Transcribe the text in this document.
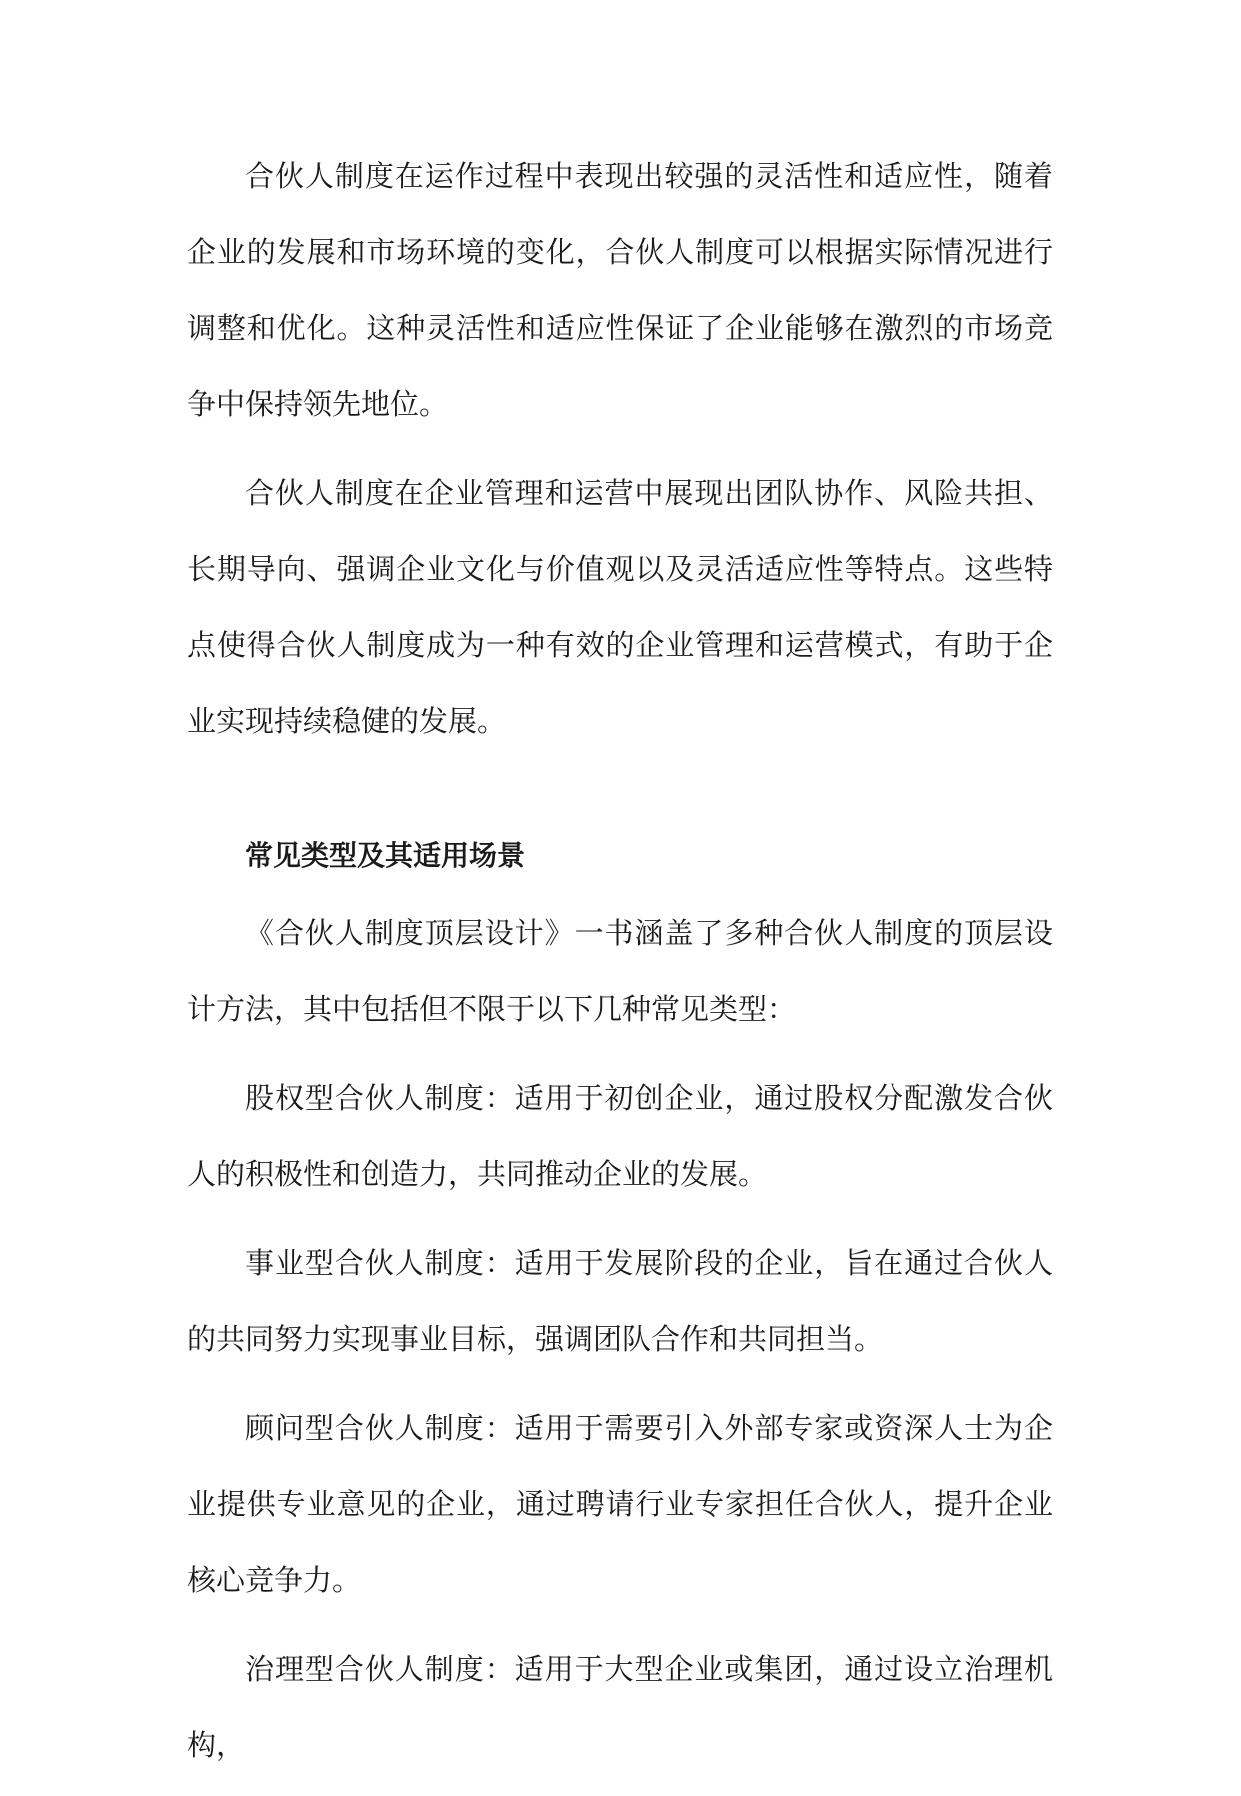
合伙人制度在运作过程中表现出较强的灵活性和适应性，随着企业的发展和市场环境的变化，合伙人制度可以根据实际情况进行调整和优化。这种灵活性和适应性保证了企业能够在激烈的市场竞争中保持领先地位。

合伙人制度在企业管理和运营中展现出团队协作、风险共担、长期导向、强调企业文化与价值观以及灵活适应性等特点。这些特点使得合伙人制度成为一种有效的企业管理和运营模式，有助于企业实现持续稳健的发展。

常见类型及其适用场景

《合伙人制度顶层设计》一书涵盖了多种合伙人制度的顶层设计方法，其中包括但不限于以下几种常见类型：

股权型合伙人制度：适用于初创企业，通过股权分配激发合伙人的积极性和创造力，共同推动企业的发展。

事业型合伙人制度：适用于发展阶段的企业，旨在通过合伙人的共同努力实现事业目标，强调团队合作和共同担当。

顾问型合伙人制度：适用于需要引入外部专家或资深人士为企业提供专业意见的企业，通过聘请行业专家担任合伙人，提升企业核心竞争力。

治理型合伙人制度：适用于大型企业或集团，通过设立治理机构，
